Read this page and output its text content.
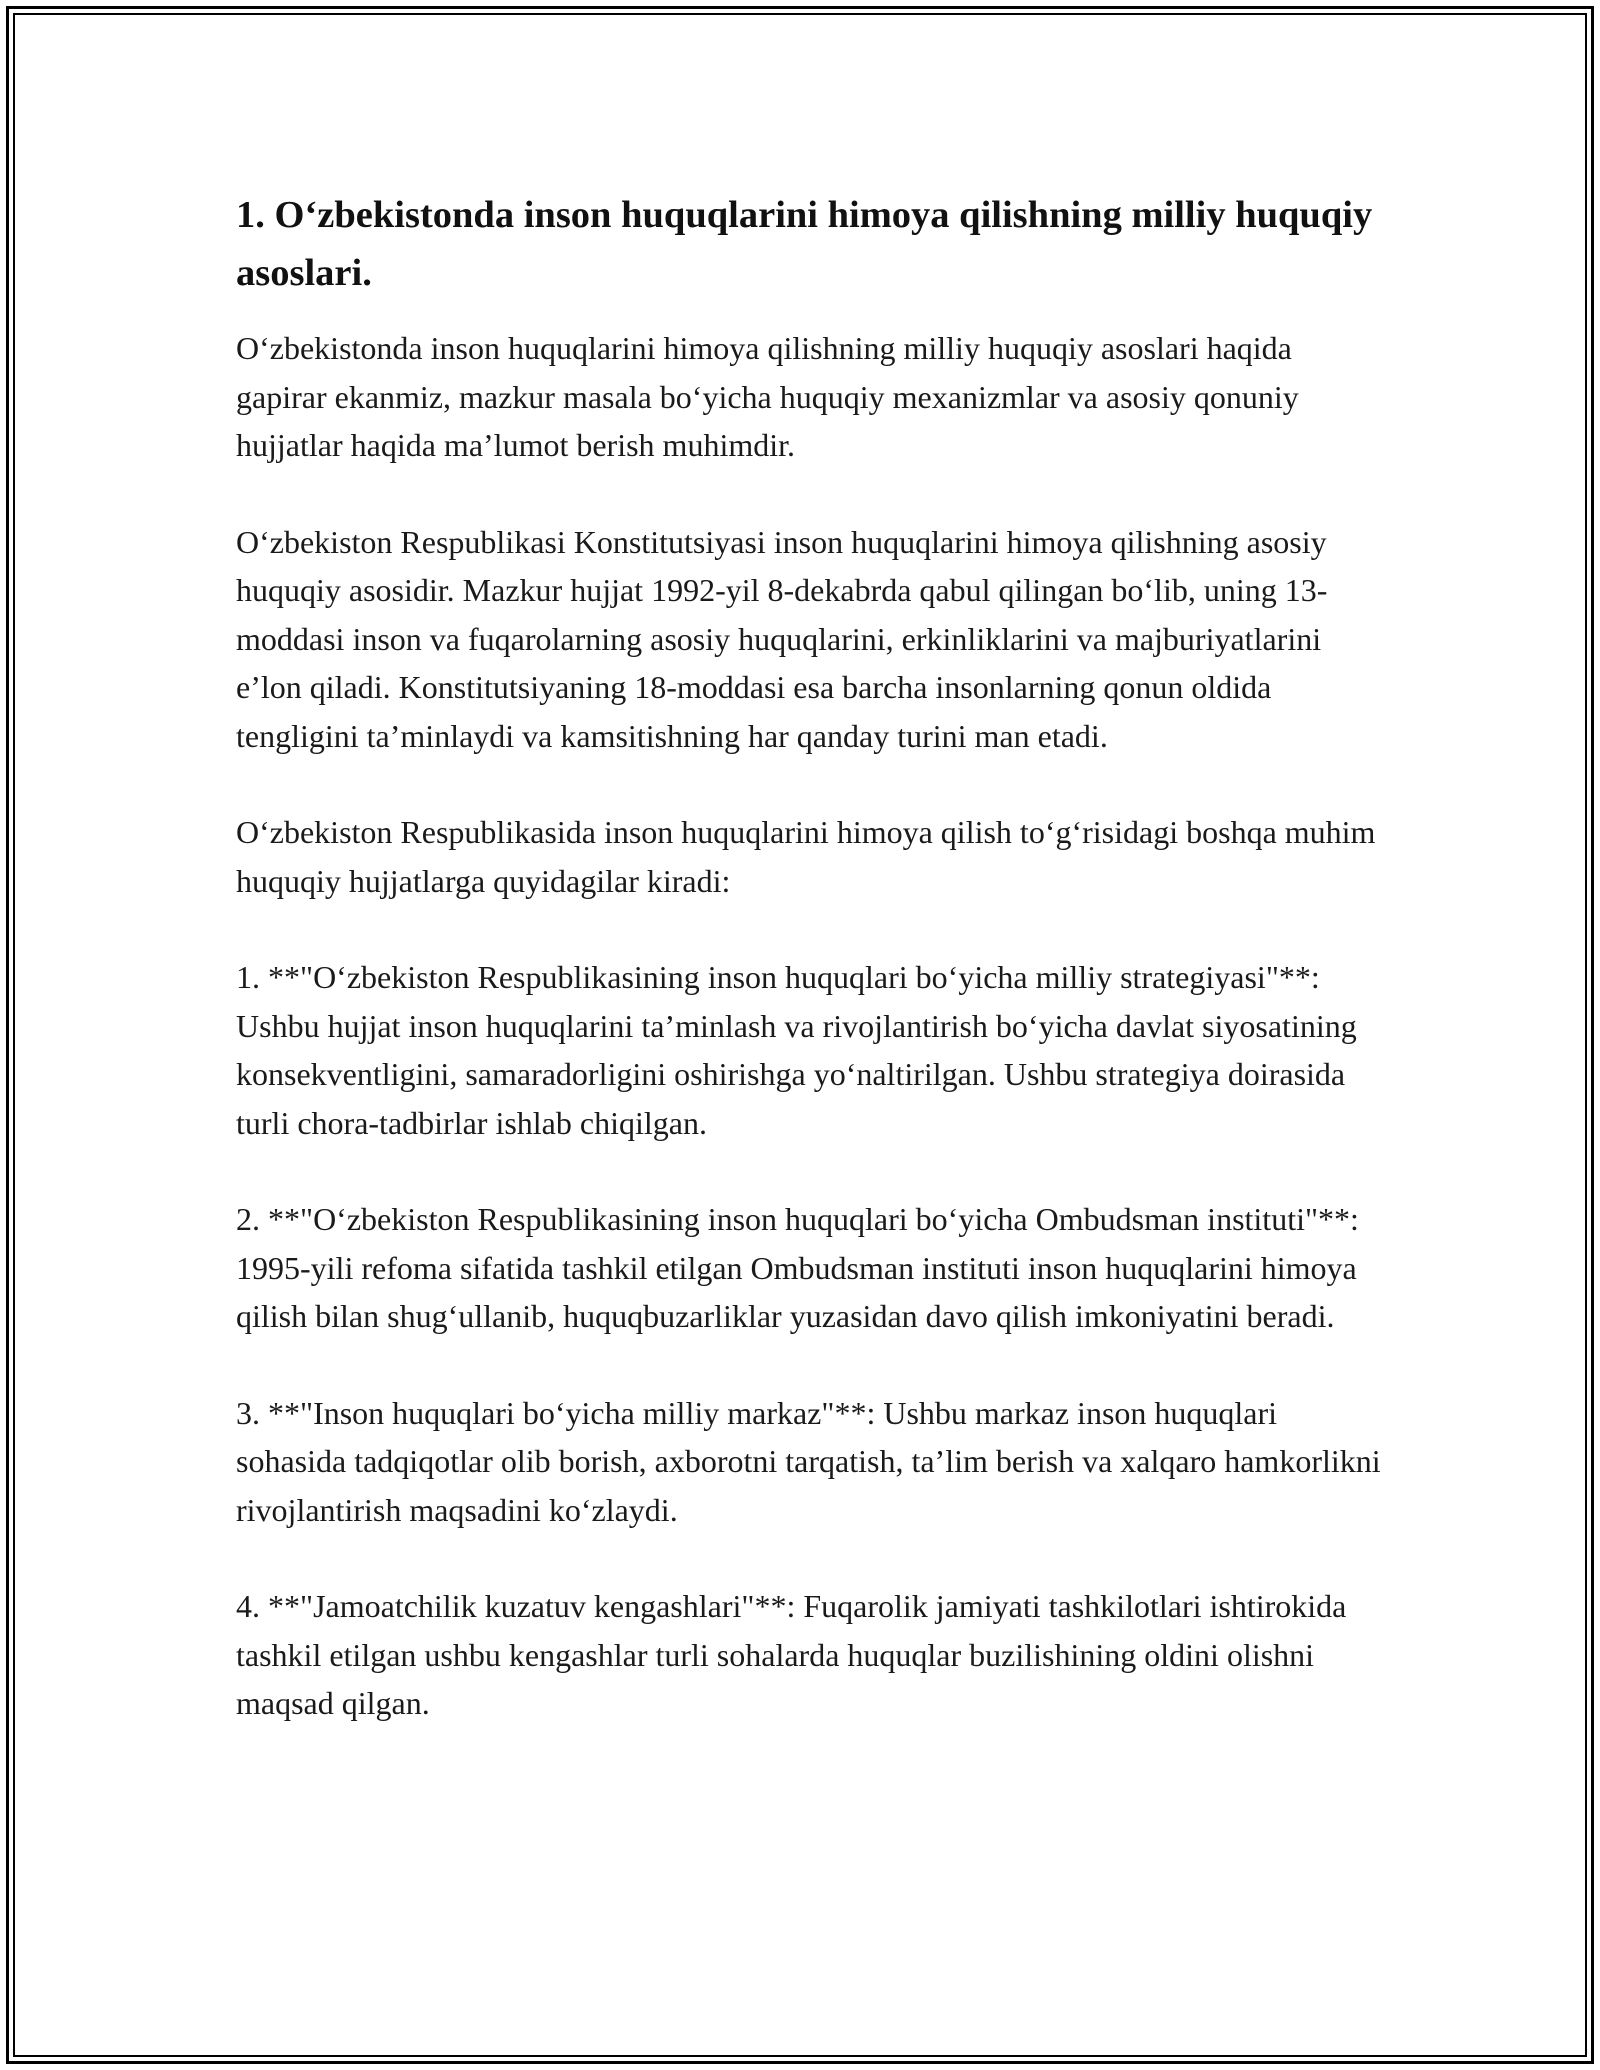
1. O‘zbekistonda inson huquqlarini himoya qilishning milliy huquqiy asoslari.

O‘zbekistonda inson huquqlarini himoya qilishning milliy huquqiy asoslari haqida gapirar ekanmiz, mazkur masala bo‘yicha huquqiy mexanizmlar va asosiy qonuniy hujjatlar haqida ma’lumot berish muhimdir.

O‘zbekiston Respublikasi Konstitutsiyasi inson huquqlarini himoya qilishning asosiy huquqiy asosidir. Mazkur hujjat 1992-yil 8-dekabrda qabul qilingan bo‘lib, uning 13-moddasi inson va fuqarolarning asosiy huquqlarini, erkinliklarini va majburiyatlarini e’lon qiladi. Konstitutsiyaning 18-moddasi esa barcha insonlarning qonun oldida tengligini ta’minlaydi va kamsitishning har qanday turini man etadi.

O‘zbekiston Respublikasida inson huquqlarini himoya qilish to‘g‘risidagi boshqa muhim huquqiy hujjatlarga quyidagilar kiradi:

1. **"O‘zbekiston Respublikasining inson huquqlari bo‘yicha milliy strategiyasi"**: Ushbu hujjat inson huquqlarini ta’minlash va rivojlantirish bo‘yicha davlat siyosatining konsekventligini, samaradorligini oshirishga yo‘naltirilgan. Ushbu strategiya doirasida turli chora-tadbirlar ishlab chiqilgan.

2. **"O‘zbekiston Respublikasining inson huquqlari bo‘yicha Ombudsman instituti"**: 1995-yili refoma sifatida tashkil etilgan Ombudsman instituti inson huquqlarini himoya qilish bilan shug‘ullanib, huquqbuzarliklar yuzasidan davo qilish imkoniyatini beradi.

3. **"Inson huquqlari bo‘yicha milliy markaz"**: Ushbu markaz inson huquqlari sohasida tadqiqotlar olib borish, axborotni tarqatish, ta’lim berish va xalqaro hamkorlikni rivojlantirish maqsadini ko‘zlaydi.

4. **"Jamoatchilik kuzatuv kengashlari"**: Fuqarolik jamiyati tashkilotlari ishtirokida tashkil etilgan ushbu kengashlar turli sohalarda huquqlar buzilishining oldini olishni maqsad qilgan.
